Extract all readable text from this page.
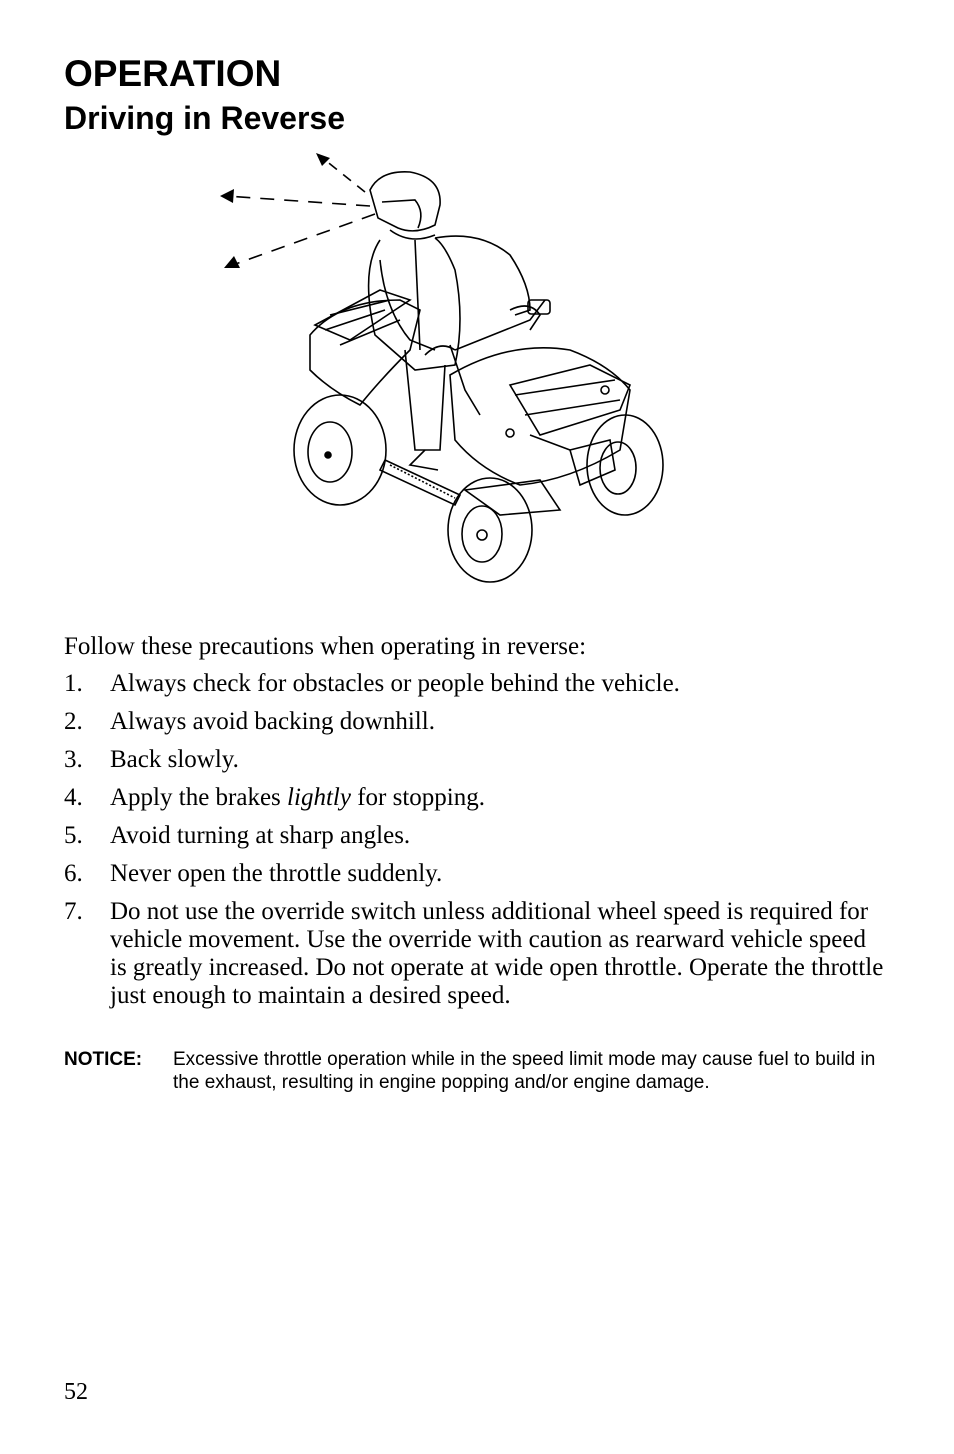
OPERATION
Driving in Reverse

Follow these precautions when operating in reverse:

1. Always check for obstacles or people behind the vehicle.
2. Always avoid backing downhill.
3. Back slowly.
4. Apply the brakes lightly for stopping.
5. Avoid turning at sharp angles.
6. Never open the throttle suddenly.
7. Do not use the override switch unless additional wheel speed is required for vehicle movement. Use the override with caution as rearward vehicle speed is greatly increased. Do not operate at wide open throttle. Operate the throttle just enough to maintain a desired speed.
NOTICE: Excessive throttle operation while in the speed limit mode may cause fuel to build in the exhaust, resulting in engine popping and/or engine damage.
52
